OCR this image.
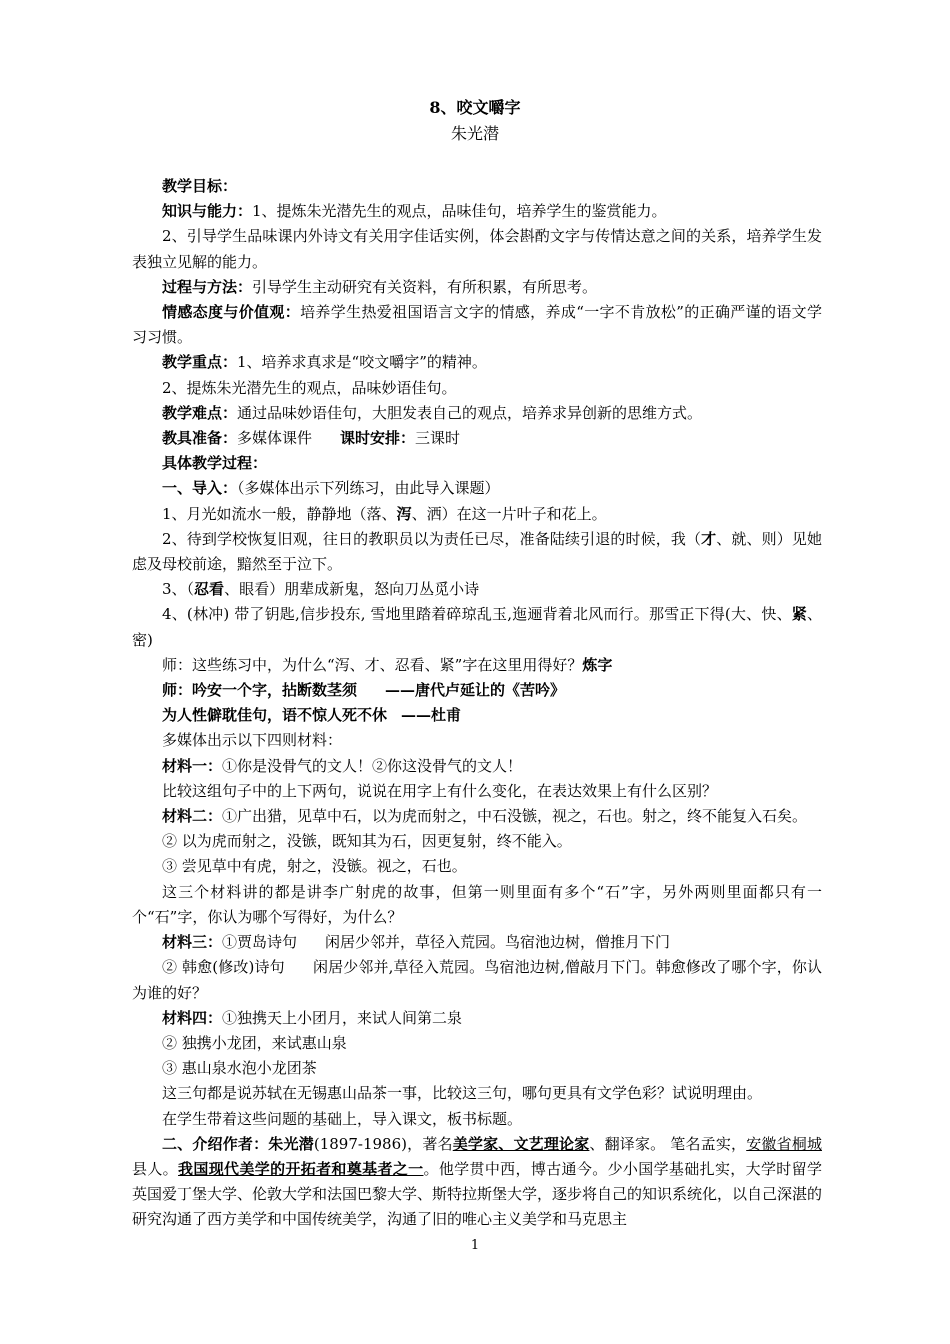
8、咬文嚼字
朱光潜

教学目标：

知识与能力：1、提炼朱光潜先生的观点，品味佳句，培养学生的鉴赏能力。

2、引导学生品味课内外诗文有关用字佳话实例，体会斟酌文字与传情达意之间的关系，培养学生发表独立见解的能力。

过程与方法：引导学生主动研究有关资料，有所积累，有所思考。

情感态度与价值观：培养学生热爱祖国语言文字的情感，养成“一字不肯放松”的正确严谨的语文学习习惯。

教学重点：1、培养求真求是“咬文嚼字”的精神。

2、提炼朱光潜先生的观点，品味妙语佳句。

教学难点：通过品味妙语佳句，大胆发表自己的观点，培养求异创新的思维方式。

教具准备：多媒体课件 课时安排：三课时

具体教学过程：

一、导入：（多媒体出示下列练习，由此导入课题）

1、月光如流水一般，静静地（落、泻、洒）在这一片叶子和花上。

2、待到学校恢复旧观，往日的教职员以为责任已尽，准备陆续引退的时候，我（才、就、则）见她虑及母校前途，黯然至于泣下。

3、（忍看、眼看）朋辈成新鬼，怒向刀丛觅小诗

4、(林冲) 带了钥匙,信步投东, 雪地里踏着碎琼乱玉,迤逦背着北风而行。那雪正下得(大、快、紧、密)

师：这些练习中，为什么“泻、才、忍看、紧”字在这里用得好？炼字

师：吟安一个字，拈断数茎须 ——唐代卢延让的《苦吟》

为人性僻耽佳句，语不惊人死不休 ——杜甫

多媒体出示以下四则材料：

材料一：①你是没骨气的文人！②你这没骨气的文人！

比较这组句子中的上下两句，说说在用字上有什么变化，在表达效果上有什么区别？

材料二：①广出猎，见草中石，以为虎而射之，中石没镞，视之，石也。射之，终不能复入石矣。

② 以为虎而射之，没镞，既知其为石，因更复射，终不能入。

③ 尝见草中有虎，射之，没镞。视之，石也。

这三个材料讲的都是讲李广射虎的故事，但第一则里面有多个“石”字，另外两则里面都只有一个“石”字，你认为哪个写得好，为什么？

材料三：①贾岛诗句 闲居少邻并，草径入荒园。鸟宿池边树，僧推月下门

② 韩愈(修改)诗句 闲居少邻并,草径入荒园。鸟宿池边树,僧敲月下门。韩愈修改了哪个字，你认为谁的好？

材料四：①独携天上小团月，来试人间第二泉

② 独携小龙团，来试惠山泉

③ 惠山泉水泡小龙团茶

这三句都是说苏轼在无锡惠山品茶一事，比较这三句，哪句更具有文学色彩？试说明理由。

在学生带着这些问题的基础上，导入课文，板书标题。

二、介绍作者：朱光潜(1897-1986)，著名美学家、文艺理论家、翻译家。 笔名孟实，安徽省桐城县人。我国现代美学的开拓者和奠基者之一。他学贯中西，博古通今。少小国学基础扎实，大学时留学英国爱丁堡大学、伦敦大学和法国巴黎大学、斯特拉斯堡大学，逐步将自己的知识系统化，以自己深湛的研究沟通了西方美学和中国传统美学，沟通了旧的唯心主义美学和马克思主

1
